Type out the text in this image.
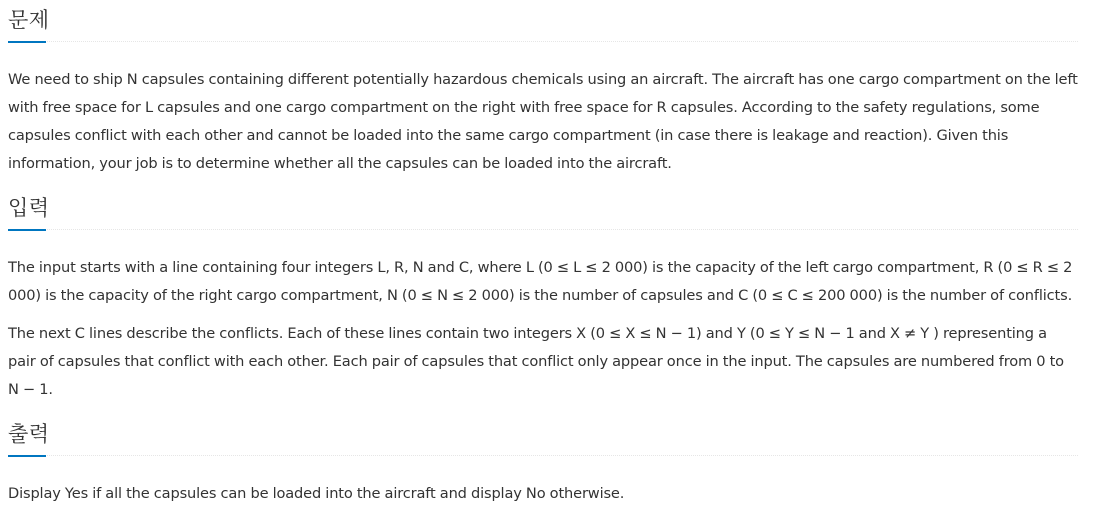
문제

We need to ship N capsules containing different potentially hazardous chemicals using an aircraft. The aircraft has one cargo compartment on the left with free space for L capsules and one cargo compartment on the right with free space for R capsules. According to the safety regulations, some capsules conflict with each other and cannot be loaded into the same cargo compartment (in case there is leakage and reaction). Given this information, your job is to determine whether all the capsules can be loaded into the aircraft.

입력

The input starts with a line containing four integers L, R, N and C, where L (0 ≤ L ≤ 2 000) is the capacity of the left cargo compartment, R (0 ≤ R ≤ 2 000) is the capacity of the right cargo compartment, N (0 ≤ N ≤ 2 000) is the number of capsules and C (0 ≤ C ≤ 200 000) is the number of conflicts.

The next C lines describe the conflicts. Each of these lines contain two integers X (0 ≤ X ≤ N − 1) and Y (0 ≤ Y ≤ N − 1 and X ≠ Y ) representing a pair of capsules that conflict with each other. Each pair of capsules that conflict only appear once in the input. The capsules are numbered from 0 to N − 1.

출력

Display Yes if all the capsules can be loaded into the aircraft and display No otherwise.
